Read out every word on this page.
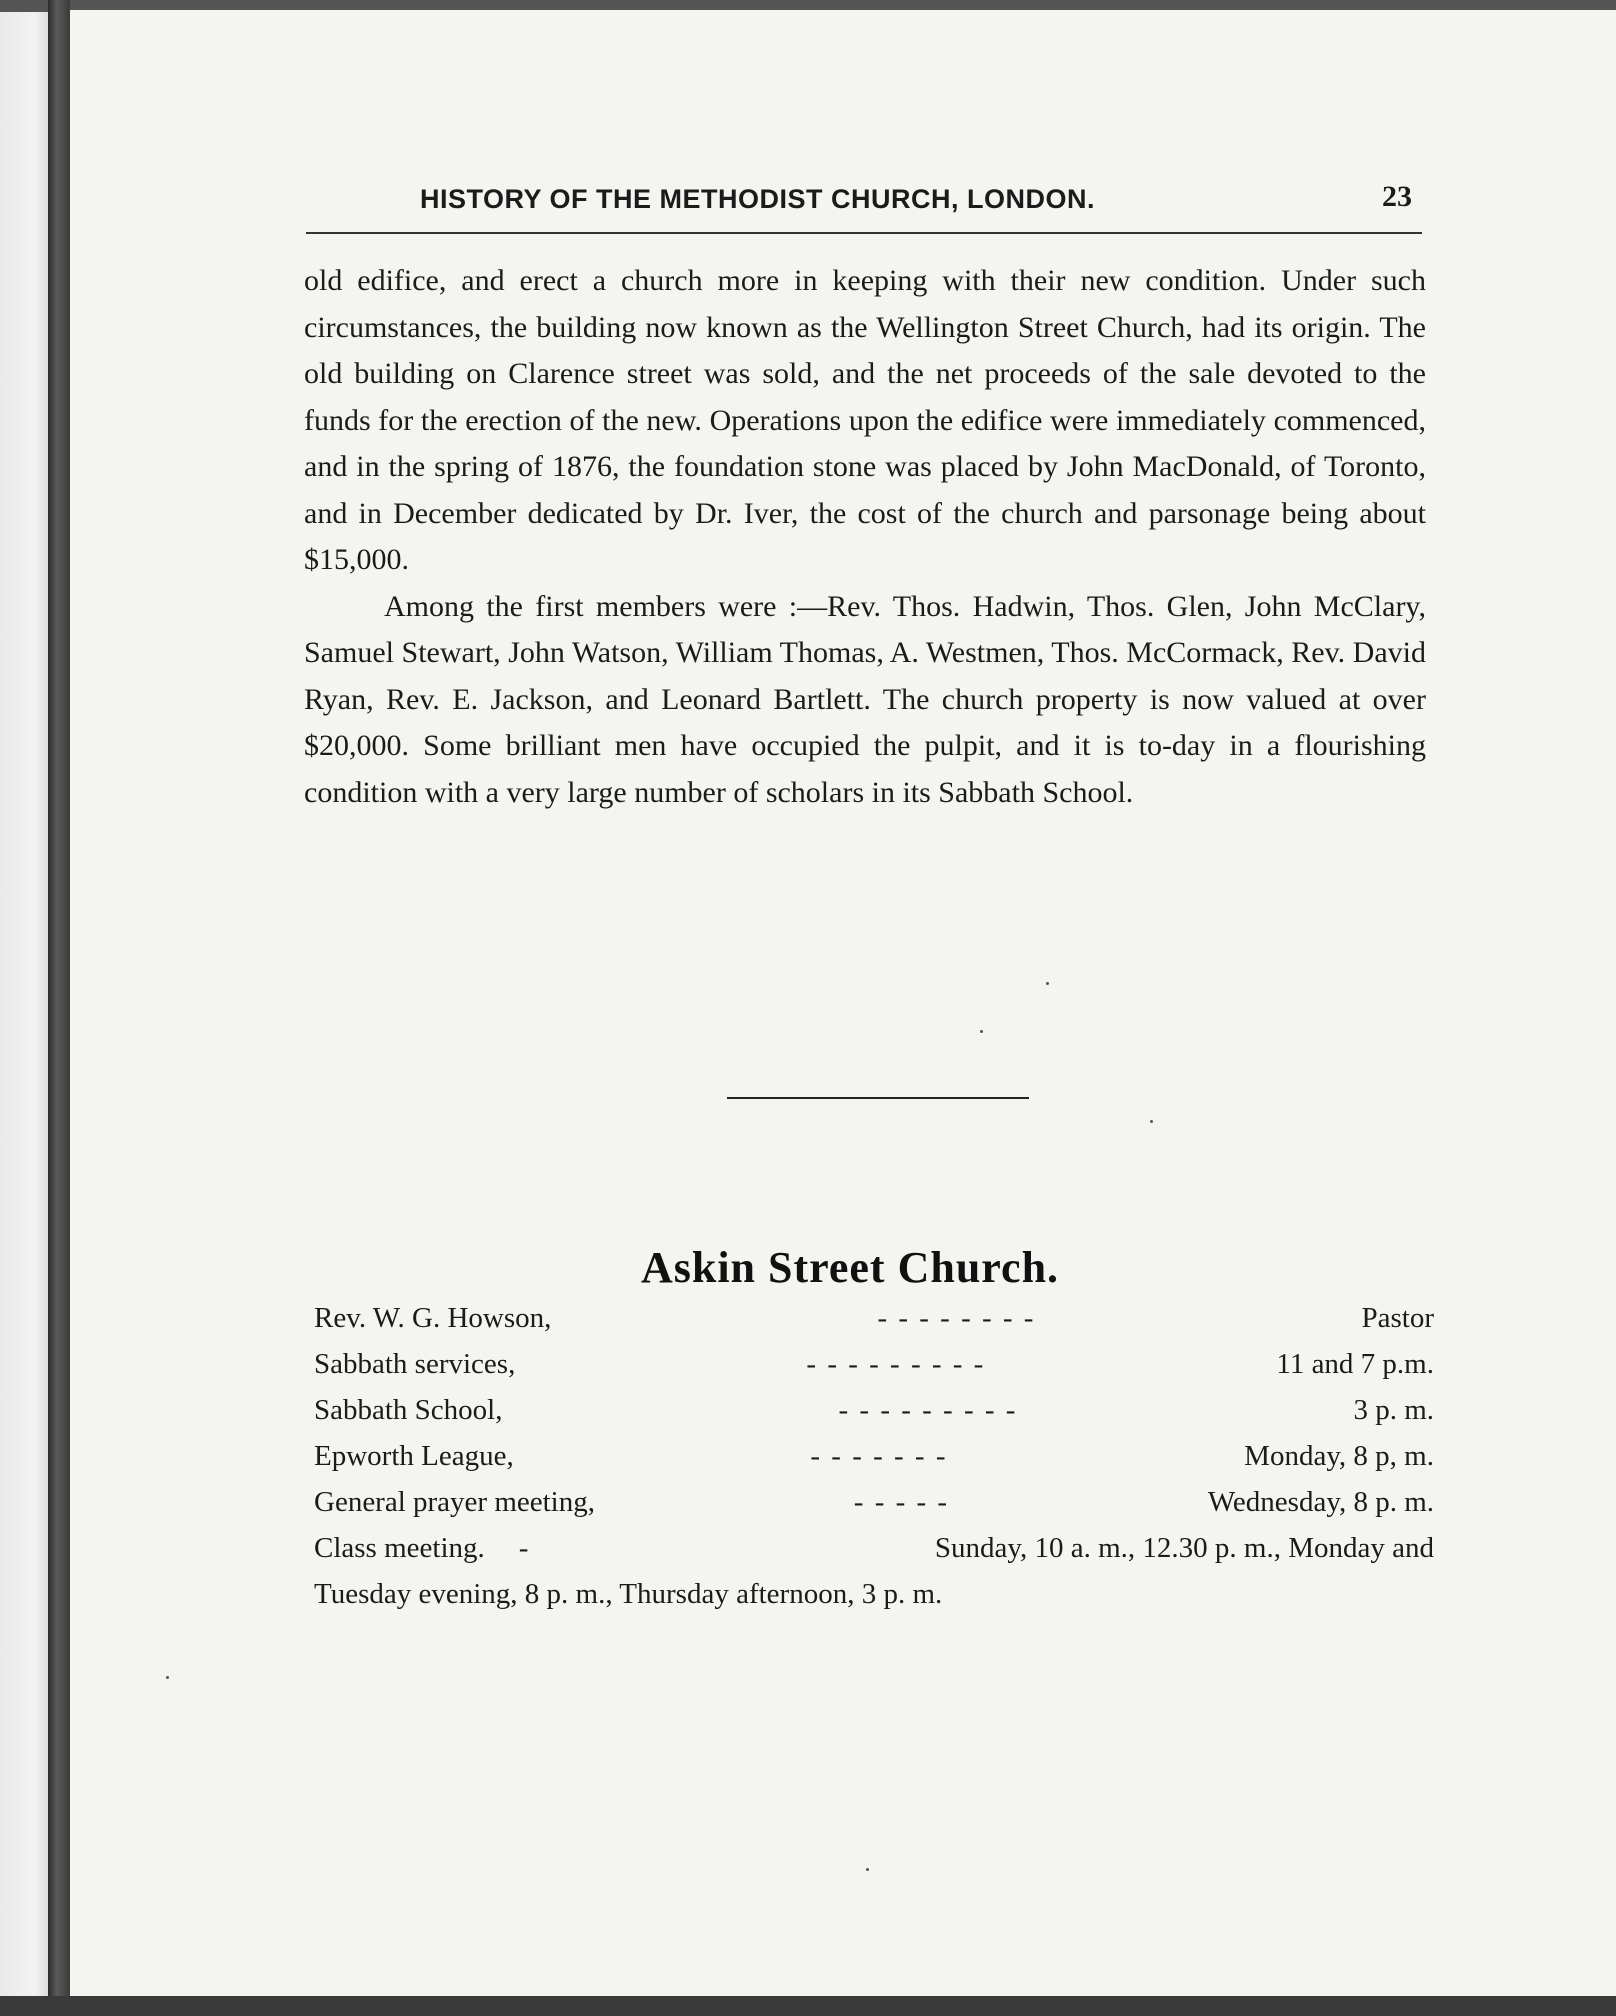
HISTORY OF THE METHODIST CHURCH, LONDON.	23

old edifice, and erect a church more in keeping with their new condition. Under such circumstances, the building now known as the Wellington Street Church, had its origin. The old building on Clarence street was sold, and the net proceeds of the sale devoted to the funds for the erection of the new. Operations upon the edifice were immediately commenced, and in the spring of 1876, the foundation stone was placed by John MacDonald, of Toronto, and in December dedicated by Dr. Iver, the cost of the church and parsonage being about $15,000.

Among the first members were :—Rev. Thos. Hadwin, Thos. Glen, John McClary, Samuel Stewart, John Watson, William Thomas, A. Westmen, Thos. McCormack, Rev. David Ryan, Rev. E. Jackson, and Leonard Bartlett. The church property is now valued at over $20,000. Some brilliant men have occupied the pulpit, and it is to-day in a flourishing condition with a very large number of scholars in its Sabbath School.

Askin Street Church.
Rev. W. G. Howson,	- - - - - - - -	Pastor
Sabbath services,	- - - - - - - - -	11 and 7 p.m.
Sabbath School,	- - - - - - - - -	3 p. m.
Epworth League,	- - - - - - -	Monday, 8 p, m.
General prayer meeting,	- - - - -	Wednesday, 8 p. m.
Class meeting.	-	Sunday, 10 a. m., 12.30 p. m., Monday and
Tuesday evening, 8 p. m., Thursday afternoon, 3 p. m.
